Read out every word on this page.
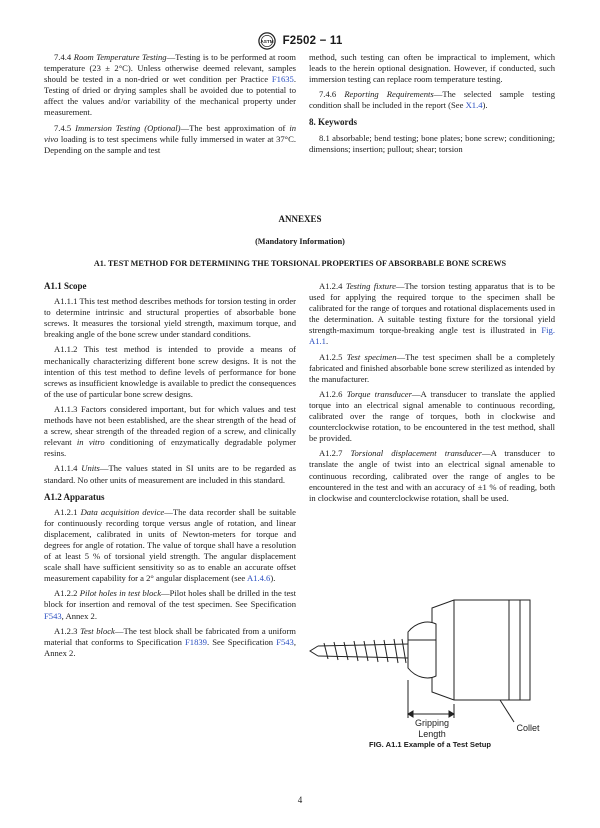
ASTM F2502 − 11

7.4.4 Room Temperature Testing—Testing is to be performed at room temperature (23 ± 2°C). Unless otherwise deemed relevant, samples should be tested in a non-dried or wet condition per Practice F1635. Testing of dried or drying samples shall be avoided due to potential to affect the values and/or variability of the mechanical property under measurement.

7.4.5 Immersion Testing (Optional)—The best approximation of in vivo loading is to test specimens while fully immersed in water at 37°C. Depending on the sample and test

method, such testing can often be impractical to implement, which leads to the herein optional designation. However, if conducted, such immersion testing can replace room temperature testing.

7.4.6 Reporting Requirements—The selected sample testing condition shall be included in the report (See X1.4).

8. Keywords

8.1 absorbable; bend testing; bone plates; bone screw; conditioning; dimensions; insertion; pullout; shear; torsion

ANNEXES
(Mandatory Information)
A1. TEST METHOD FOR DETERMINING THE TORSIONAL PROPERTIES OF ABSORBABLE BONE SCREWS
A1.1 Scope

A1.1.1 This test method describes methods for torsion testing in order to determine intrinsic and structural properties of absorbable bone screws. It measures the torsional yield strength, maximum torque, and breaking angle of the bone screw under standard conditions.

A1.1.2 This test method is intended to provide a means of mechanically characterizing different bone screw designs. It is not the intention of this test method to define levels of performance for bone screws as insufficient knowledge is available to predict the consequences of the use of particular bone screw designs.

A1.1.3 Factors considered important, but for which values and test methods have not been established, are the shear strength of the head of a screw, shear strength of the threaded region of a screw, and clinically relevant in vitro conditioning of enzymatically degradable polymer resins.

A1.1.4 Units—The values stated in SI units are to be regarded as standard. No other units of measurement are included in this standard.

A1.2 Apparatus

A1.2.1 Data acquisition device—The data recorder shall be suitable for continuously recording torque versus angle of rotation, and linear displacement, calibrated in units of Newton-meters for torque and degrees for angle of rotation. The value of torque shall have a resolution of at least 5 % of torsional yield strength. The angular displacement scale shall have sufficient sensitivity so as to enable an accurate offset measurement capability for a 2° angular displacement (see A1.4.6).

A1.2.2 Pilot holes in test block—Pilot holes shall be drilled in the test block for insertion and removal of the test specimen. See Specification F543, Annex 2.

A1.2.3 Test block—The test block shall be fabricated from a uniform material that conforms to Specification F1839. See Specification F543, Annex 2.

A1.2.4 Testing fixture—The torsion testing apparatus that is to be used for applying the required torque to the specimen shall be calibrated for the range of torques and rotational displacements used in the determination. A suitable testing fixture for the torsional yield strength-maximum torque-breaking angle test is illustrated in Fig. A1.1.

A1.2.5 Test specimen—The test specimen shall be a completely fabricated and finished absorbable bone screw sterilized as intended by the manufacturer.

A1.2.6 Torque transducer—A transducer to translate the applied torque into an electrical signal amenable to continuous recording, calibrated over the range of torques, both in clockwise and counterclockwise rotation, to be encountered in the test method, shall be provided.

A1.2.7 Torsional displacement transducer—A transducer to translate the angle of twist into an electrical signal amenable to continuous recording, calibrated over the range of angles to be encountered in the test and with an accuracy of ±1 % of reading, both in clockwise and counterclockwise rotation, shall be used.

Gripping
Length
Collet
FIG. A1.1 Example of a Test Setup
4
